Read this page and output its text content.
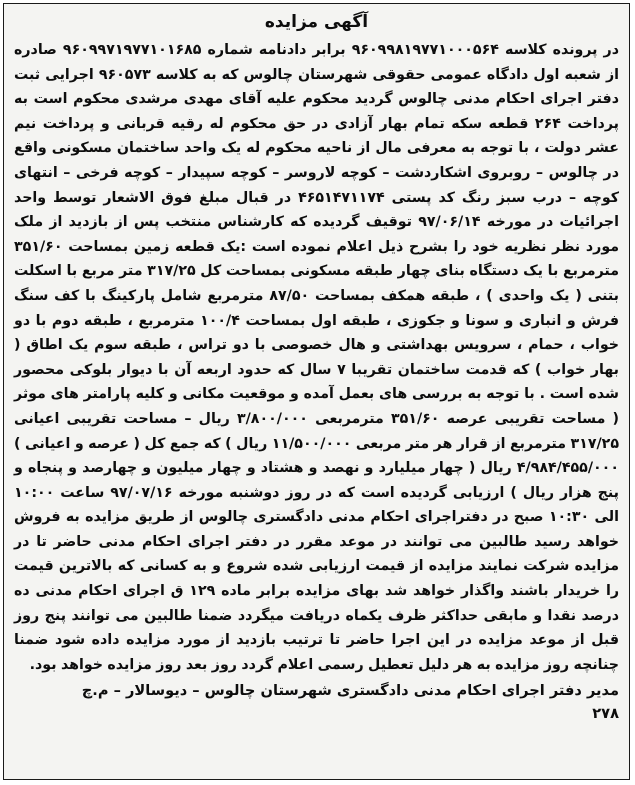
آگهی مزایده
در پرونده کلاسه ۹۶۰۹۹۸۱۹۷۷۱۰۰۰۵۶۴ برابر دادنامه شماره ۹۶۰۹۹۷۱۹۷۷۱۰۱۶۸۵ صادره از شعبه اول دادگاه عمومی حقوقی شهرستان چالوس که به کلاسه ۹۶۰۵۷۳ اجرایی ثبت دفتر اجرای احکام مدنی چالوس گردید محکوم علیه آقای مهدی مرشدی محکوم است به پرداخت ۲۶۴ قطعه سکه تمام بهار آزادی در حق محکوم له رقیه قربانی و پرداخت نیم عشر دولت ، با توجه به معرفی مال از ناحیه محکوم له یک واحد ساختمان مسکونی واقع در چالوس – روبروی اشکاردشت – کوچه لاروسر – کوچه سپیدار – کوچه فرخی – انتهای کوچه – درب سبز رنگ کد پستی ۴۶۵۱۴۷۱۱۷۴ در قبال مبلغ فوق الاشعار توسط واحد اجرائیات در مورخه ۹۷/۰۶/۱۴ توقیف گردیده که کارشناس منتخب پس از بازدید از ملک مورد نظر نظریه خود را بشرح ذیل اعلام نموده است :یک قطعه زمین بمساحت ۳۵۱/۶۰ مترمربع با یک دستگاه بنای چهار طبقه مسکونی بمساحت کل ۳۱۷/۲۵ متر مربع با اسکلت بتنی ( یک واحدی ) ، طبقه همکف بمساحت ۸۷/۵۰ مترمربع شامل پارکینگ با کف سنگ فرش و انباری و سونا و جکوزی ، طبقه اول بمساحت ۱۰۰/۴ مترمربع ، طبقه دوم با دو خواب ، حمام ، سرویس بهداشتی و هال خصوصی با دو تراس ، طبقه سوم یک اطاق ( بهار خواب ) که قدمت ساختمان تقریبا ۷ سال که حدود اربعه آن با دیوار بلوکی محصور شده است . با توجه به بررسی های بعمل آمده و موقعیت مکانی و کلیه پارامتر های موثر ( مساحت تقریبی عرصه ۳۵۱/۶۰ مترمربعی ۳/۸۰۰/۰۰۰ ریال – مساحت تقریبی اعیانی ۳۱۷/۲۵ مترمربع از قرار هر متر مربعی ۱۱/۵۰۰/۰۰۰ ریال ) که جمع کل ( عرصه و اعیانی ) ۴/۹۸۴/۴۵۵/۰۰۰ ریال ( چهار میلیارد و نهصد و هشتاد و چهار میلیون و چهارصد و پنجاه و پنج هزار ریال ) ارزیابی گردیده است که در روز دوشنبه مورخه ۹۷/۰۷/۱۶ ساعت ۱۰:۰۰ الی ۱۰:۳۰ صبح در دفتراجرای احکام مدنی دادگستری چالوس از طریق مزایده به فروش خواهد رسید طالبین می توانند در موعد مقرر در دفتر اجرای احکام مدنی حاضر تا در مزایده شرکت نمایند مزایده از قیمت ارزیابی شده شروع و به کسانی که بالاترین قیمت را خریدار باشند واگذار خواهد شد بهای مزایده برابر ماده ۱۲۹ ق اجرای احکام مدنی ده درصد نقدا و مابقی حداکثر ظرف یکماه دریافت میگردد ضمنا طالبین می توانند پنج روز قبل از موعد مزایده در این اجرا حاضر تا ترتیب بازدید از مورد مزایده داده شود ضمنا چنانچه روز مزایده به هر دلیل تعطیل رسمی اعلام گردد روز بعد روز مزایده خواهد بود.
مدیر دفتر اجرای احکام مدنی دادگستری شهرستان چالوس – دیوسالار – م.چ
۲۷۸
